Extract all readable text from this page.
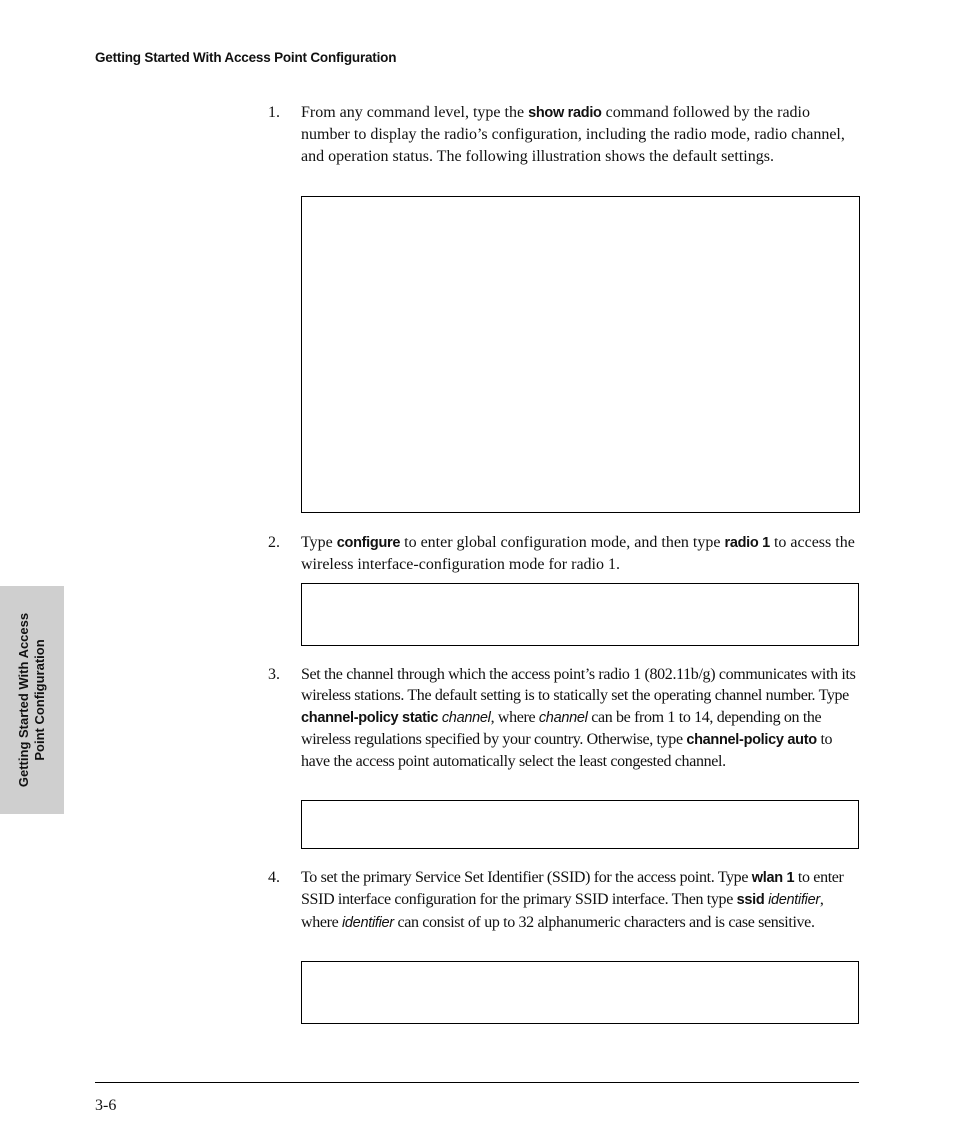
Getting Started With Access Point Configuration
Getting Started With Access Point Configuration
1.	From any command level, type the show radio command followed by the radio number to display the radio’s configuration, including the radio mode, radio channel, and operation status. The following illustration shows the default settings.
2.	Type configure to enter global configuration mode, and then type radio 1 to access the wireless interface-configuration mode for radio 1.
3.	Set the channel through which the access point’s radio 1 (802.11b/g) communicates with its wireless stations. The default setting is to statically set the operating channel number. Type channel-policy static channel, where channel can be from 1 to 14, depending on the wireless regulations specified by your country. Otherwise, type channel-policy auto to have the access point automatically select the least congested channel.
4.	To set the primary Service Set Identifier (SSID) for the access point. Type wlan 1 to enter SSID interface configuration for the primary SSID interface. Then type ssid identifier, where identifier can consist of up to 32 alphanumeric characters and is case sensitive.
3-6
